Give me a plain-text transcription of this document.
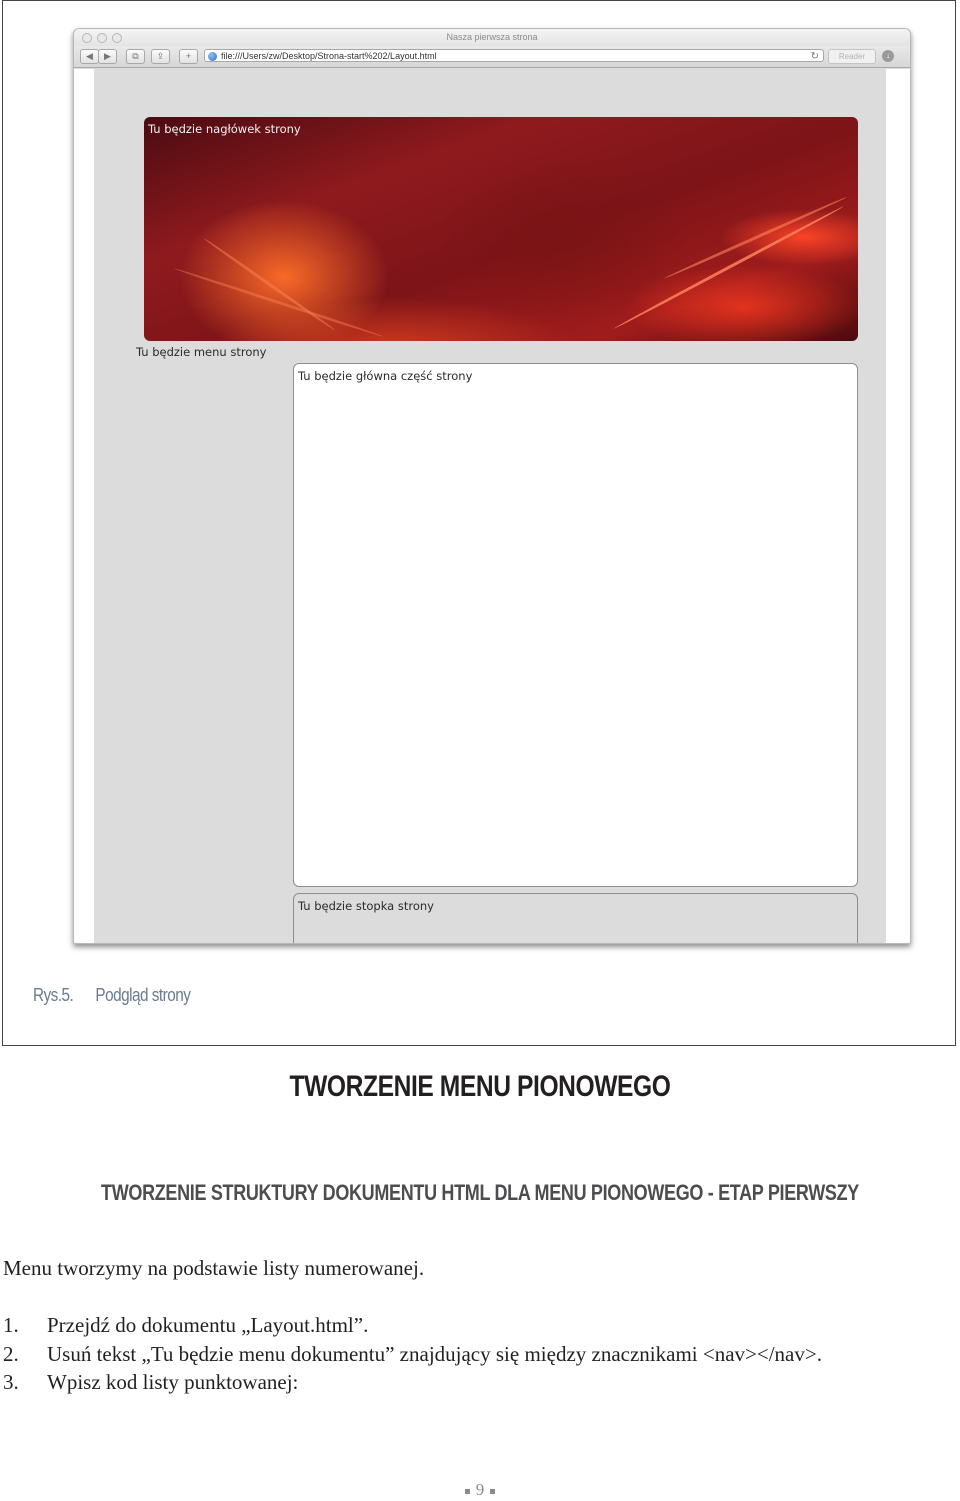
Nasza pierwsza strona
◀	▶	⧉	⇪	+	file:///Users/zw/Desktop/Strona-start%202/Layout.html	↻	Reader	↓
Tu będzie nagłówek strony
Tu będzie menu strony
Tu będzie główna część strony
Tu będzie stopka strony
Rys.5. Podgląd strony
TWORZENIE MENU PIONOWEGO
TWORZENIE STRUKTURY DOKUMENTU HTML DLA MENU PIONOWEGO - ETAP PIERWSZY
Menu tworzymy na podstawie listy numerowanej.
1. Przejdź do dokumentu „Layout.html”.
2. Usuń tekst „Tu będzie menu dokumentu” znajdujący się między znacznikami <nav></nav>.
3. Wpisz kod listy punktowanej:
9
